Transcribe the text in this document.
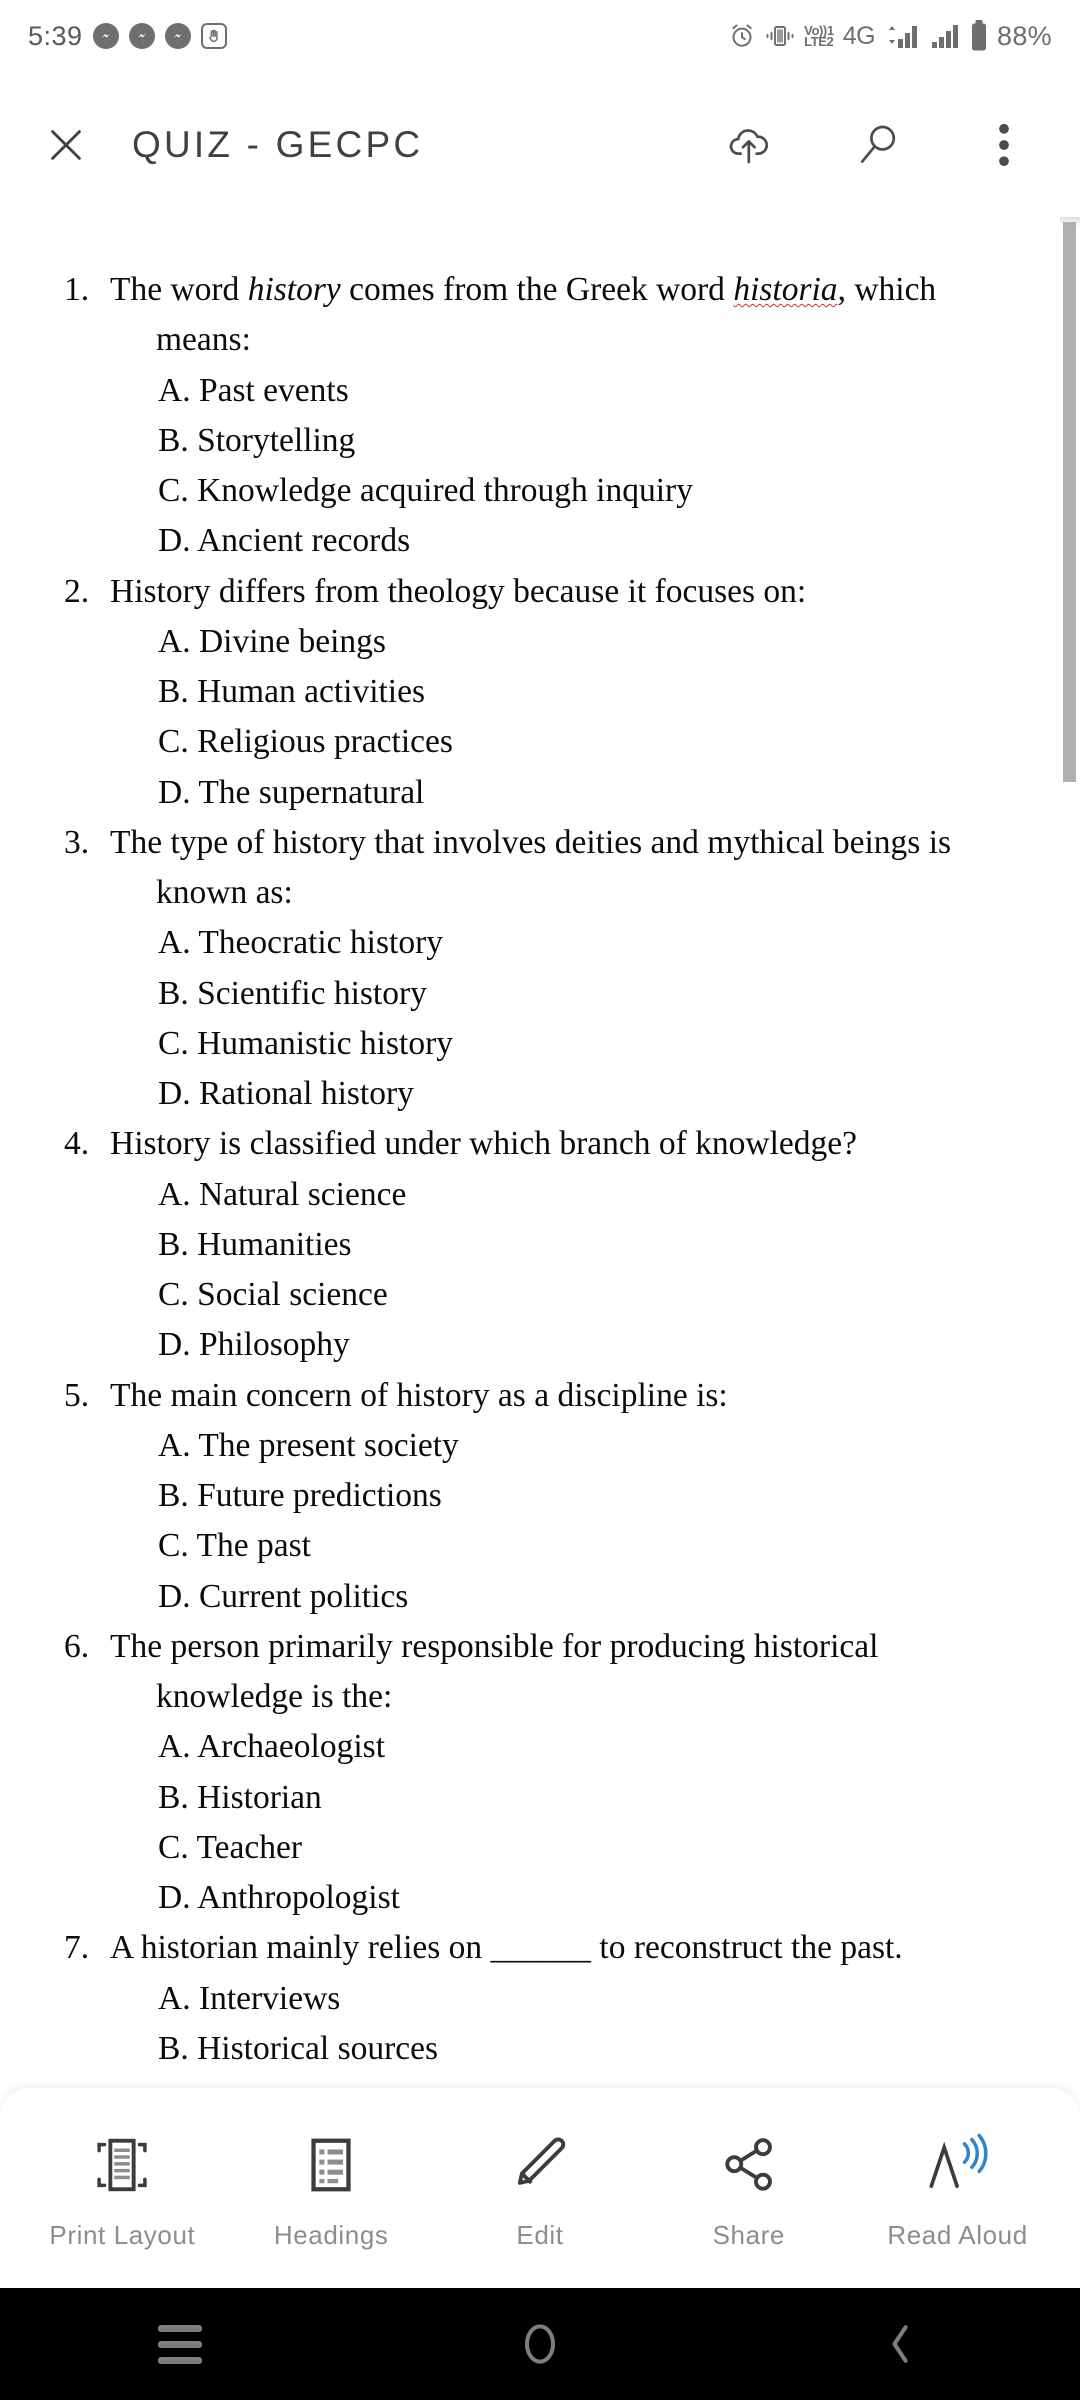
5:39	Vo))1
LTE2 4G	88%
QUIZ - GECPC
1. The word history comes from the Greek word historia, which means:
A. Past events
B. Storytelling
C. Knowledge acquired through inquiry
D. Ancient records
2. History differs from theology because it focuses on:
A. Divine beings
B. Human activities
C. Religious practices
D. The supernatural
3. The type of history that involves deities and mythical beings is known as:
A. Theocratic history
B. Scientific history
C. Humanistic history
D. Rational history
4. History is classified under which branch of knowledge?
A. Natural science
B. Humanities
C. Social science
D. Philosophy
5. The main concern of history as a discipline is:
A. The present society
B. Future predictions
C. The past
D. Current politics
6. The person primarily responsible for producing historical knowledge is the:
A. Archaeologist
B. Historian
C. Teacher
D. Anthropologist
7. A historian mainly relies on ______ to reconstruct the past.
A. Interviews
B. Historical sources
Print Layout	Headings	Edit	Share	Read Aloud
